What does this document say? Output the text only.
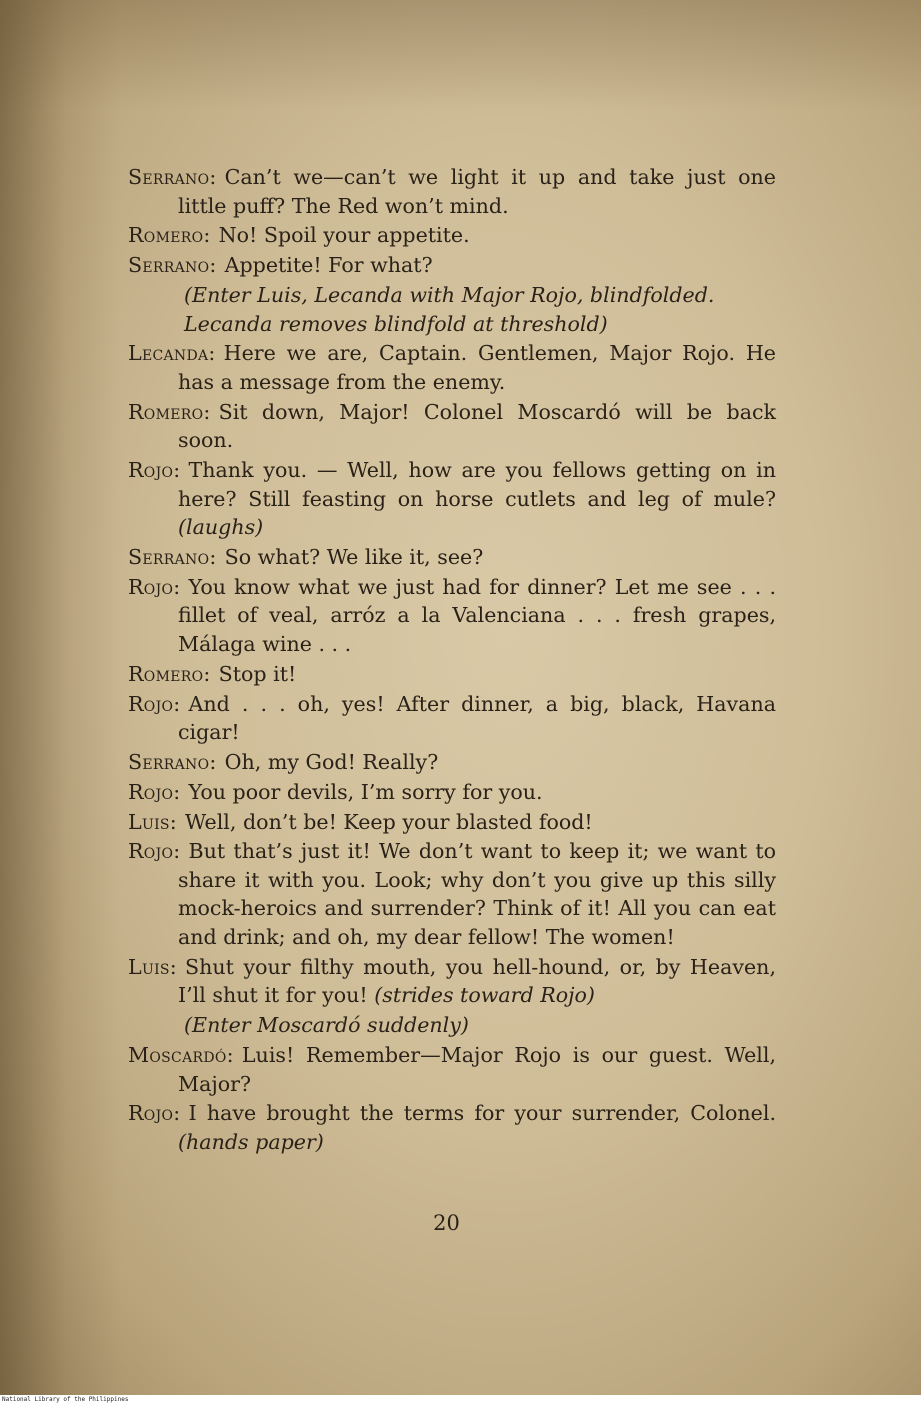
Serrano : Can’t we—can’t we light it up and take just one little puff? The Red won’t mind.

Romero : No! Spoil your appetite.

Serrano : Appetite! For what?

(Enter Luis, Lecanda with Major Rojo, blindfolded. Lecanda removes blindfold at threshold)

Lecanda : Here we are, Captain. Gentlemen, Major Rojo. He has a message from the enemy.

Romero : Sit down, Major! Colonel Moscardó will be back soon.

Rojo : Thank you. — Well, how are you fellows getting on in here? Still feasting on horse cutlets and leg of mule? (laughs)

Serrano : So what? We like it, see?

Rojo : You know what we just had for dinner? Let me see . . . fillet of veal, arróz a la Valenciana . . . fresh grapes, Málaga wine . . .

Romero : Stop it!

Rojo : And . . . oh, yes! After dinner, a big, black, Havana cigar!

Serrano : Oh, my God! Really?

Rojo : You poor devils, I’m sorry for you.

Luis : Well, don’t be! Keep your blasted food!

Rojo : But that’s just it! We don’t want to keep it; we want to share it with you. Look; why don’t you give up this silly mock-heroics and surrender? Think of it! All you can eat and drink; and oh, my dear fellow! The women!

Luis : Shut your filthy mouth, you hell-hound, or, by Heaven, I’ll shut it for you! (strides toward Rojo)

(Enter Moscardó suddenly)

Moscardó : Luis! Remember—Major Rojo is our guest. Well, Major?

Rojo : I have brought the terms for your surrender, Colonel. (hands paper)

20
National Library of the Philippines
